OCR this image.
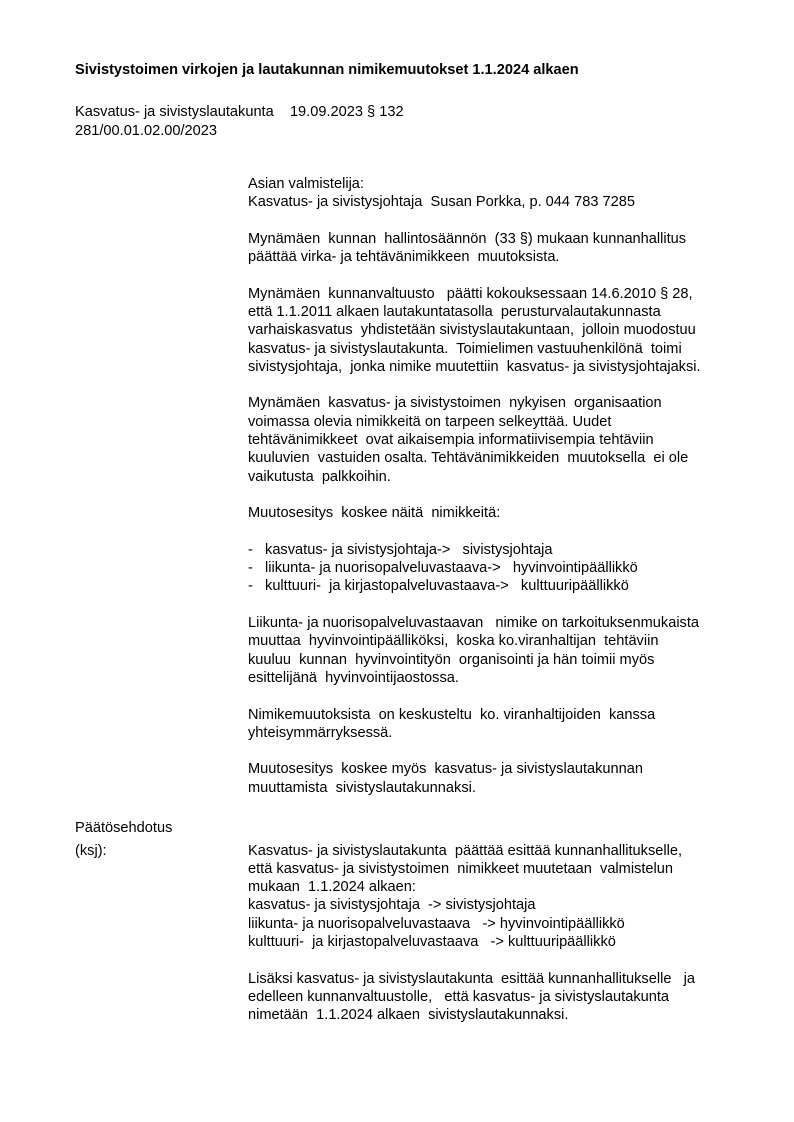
Sivistystoimen virkojen ja lautakunnan nimikemuutokset 1.1.2024 alkaen
Kasvatus- ja sivistyslautakunta    19.09.2023 § 132
281/00.01.02.00/2023
Asian valmistelija:
Kasvatus- ja sivistysjohtaja  Susan Porkka, p. 044 783 7285
Mynämäen  kunnan  hallintosäännön  (33 §) mukaan kunnanhallitus
päättää virka- ja tehtävänimikkeen  muutoksista.
Mynämäen  kunnanvaltuusto   päätti kokouksessaan 14.6.2010 § 28,
että 1.1.2011 alkaen lautakuntatasolla  perusturvalautakunnasta
varhaiskasvatus  yhdistetään sivistyslautakuntaan,  jolloin muodostuu
kasvatus- ja sivistyslautakunta.  Toimielimen vastuuhenkilönä  toimi
sivistysjohtaja,  jonka nimike muutettiin  kasvatus- ja sivistysjohtajaksi.
Mynämäen  kasvatus- ja sivistystoimen  nykyisen  organisaation
voimassa olevia nimikkeitä on tarpeen selkeyttää. Uudet
tehtävänimikkeet  ovat aikaisempia informatiivisempia tehtäviin
kuuluvien  vastuiden osalta. Tehtävänimikkeiden  muutoksella  ei ole
vaikutusta  palkkoihin.
Muutosesitys  koskee näitä  nimikkeitä:
-   kasvatus- ja sivistysjohtaja->   sivistysjohtaja
-   liikunta- ja nuorisopalveluvastaava->   hyvinvointipäällikkö
-   kulttuuri-  ja kirjastopalveluvastaava->   kulttuuripäällikkö
Liikunta- ja nuorisopalveluvastaavan   nimike on tarkoituksenmukaista
muuttaa  hyvinvointipäälliköksi,  koska ko.viranhaltijan  tehtäviin
kuuluu  kunnan  hyvinvointityön  organisointi ja hän toimii myös
esittelijänä  hyvinvointijaostossa.
Nimikemuutoksista  on keskusteltu  ko. viranhaltijoiden  kanssa
yhteisymmärryksessä.
Muutosesitys  koskee myös  kasvatus- ja sivistyslautakunnan
muuttamista  sivistyslautakunnaksi.
Päätösehdotus
(ksj):	Kasvatus- ja sivistyslautakunta  päättää esittää kunnanhallitukselle,
että kasvatus- ja sivistystoimen  nimikkeet muutetaan  valmistelun
mukaan  1.1.2024 alkaen:
kasvatus- ja sivistysjohtaja  -> sivistysjohtaja
liikunta- ja nuorisopalveluvastaava   -> hyvinvointipäällikkö
kulttuuri-  ja kirjastopalveluvastaava   -> kulttuuripäällikkö
Lisäksi kasvatus- ja sivistyslautakunta  esittää kunnanhallitukselle   ja
edelleen kunnanvaltuustolle,   että kasvatus- ja sivistyslautakunta
nimetään  1.1.2024 alkaen  sivistyslautakunnaksi.
